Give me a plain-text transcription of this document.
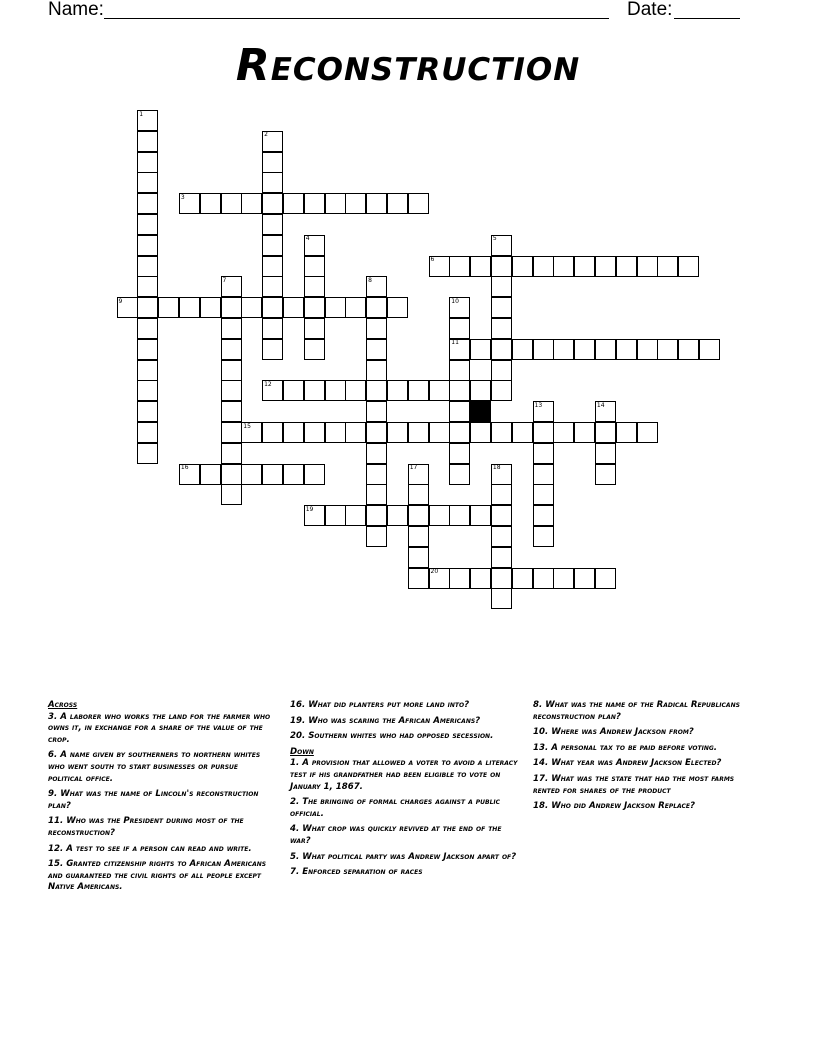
Name:	Date:
Reconstruction
1
2
3
4	5
6
7	8
9	10
11
12
13	14
15
16	17	18
19
20
Across
3. A laborer who works the land for the farmer who owns it, in exchange for a share of the value of the crop.
6. A name given by southerners to northern whites who went south to start businesses or pursue political office.
9. What was the name of Lincoln's reconstruction plan?
11. Who was the President during most of the reconstruction?
12. A test to see if a person can read and write.
15. Granted citizenship rights to African Americans and guaranteed the civil rights of all people except Native Americans.
16. What did planters put more land into?
19. Who was scaring the African Americans?
20. Southern whites who had opposed secession.
Down
1. A provision that allowed a voter to avoid a literacy test if his grandfather had been eligible to vote on January 1, 1867.
2. The bringing of formal charges against a public official.
4. What crop was quickly revived at the end of the war?
5. What political party was Andrew Jackson apart of?
7. Enforced separation of races
8. What was the name of the Radical Republicans reconstruction plan?
10. Where was Andrew Jackson from?
13. A personal tax to be paid before voting.
14. What year was Andrew Jackson Elected?
17. What was the state that had the most farms rented for shares of the product
18. Who did Andrew Jackson Replace?
